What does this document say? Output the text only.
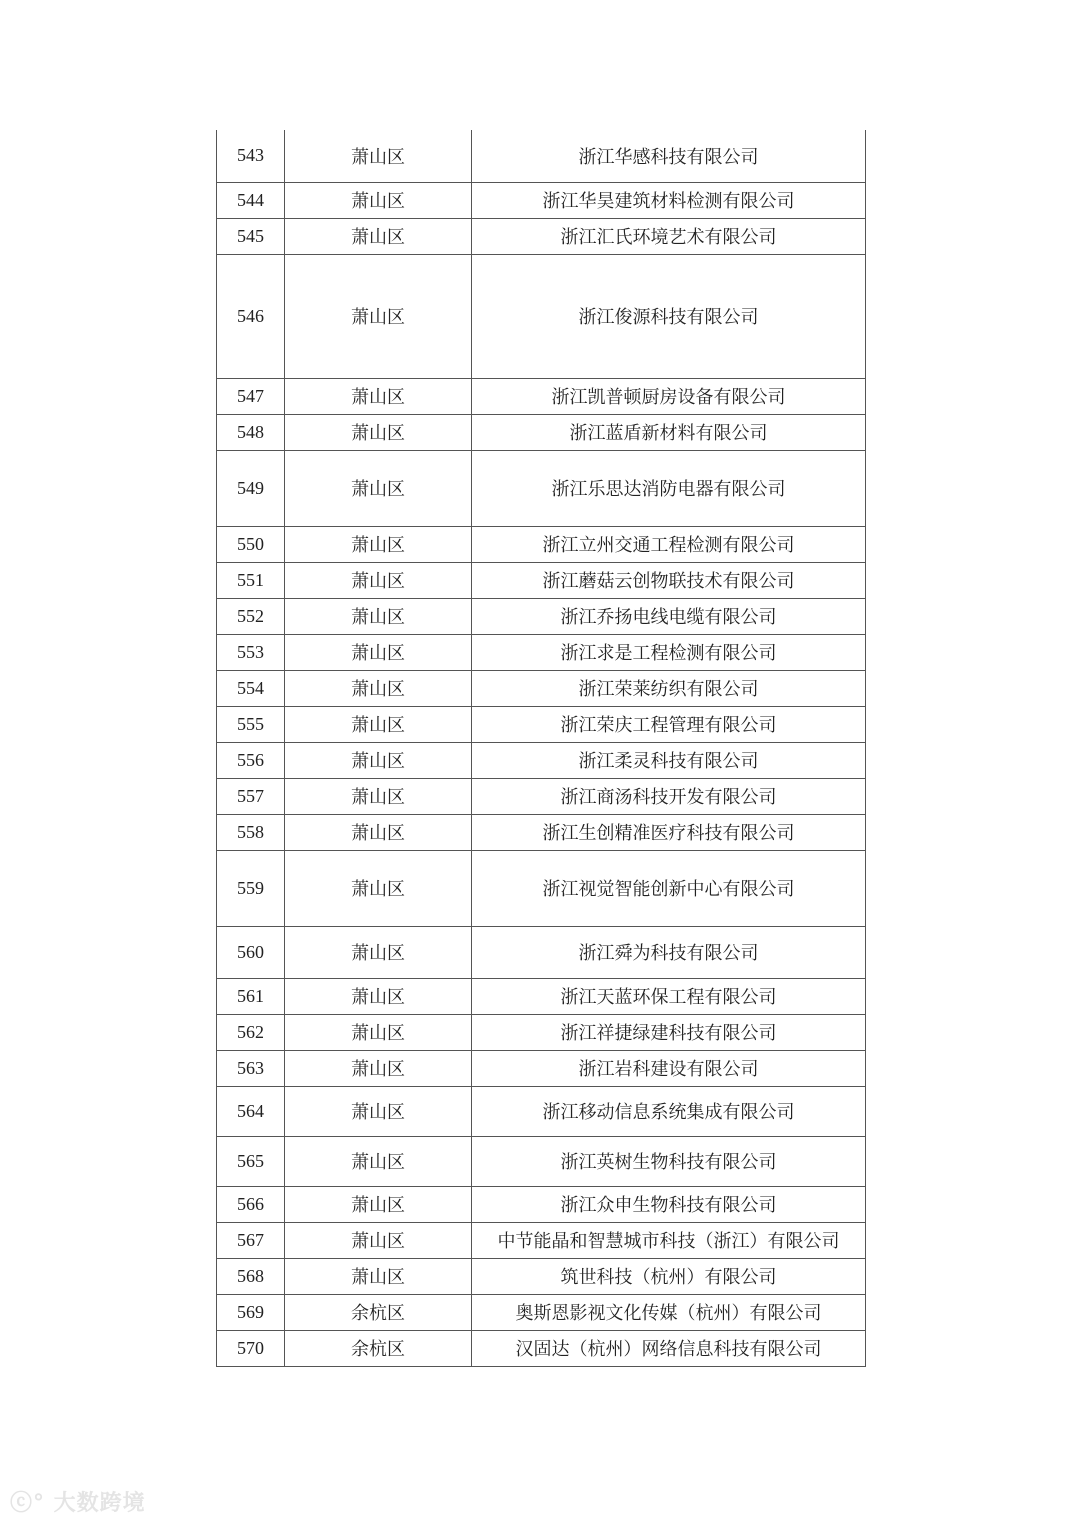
543	萧山区	浙江华感科技有限公司
544	萧山区	浙江华昊建筑材料检测有限公司
545	萧山区	浙江汇氏环境艺术有限公司
546	萧山区	浙江俊源科技有限公司
547	萧山区	浙江凯普顿厨房设备有限公司
548	萧山区	浙江蓝盾新材料有限公司
549	萧山区	浙江乐思达消防电器有限公司
550	萧山区	浙江立州交通工程检测有限公司
551	萧山区	浙江蘑菇云创物联技术有限公司
552	萧山区	浙江乔扬电线电缆有限公司
553	萧山区	浙江求是工程检测有限公司
554	萧山区	浙江荣莱纺织有限公司
555	萧山区	浙江荣庆工程管理有限公司
556	萧山区	浙江柔灵科技有限公司
557	萧山区	浙江商汤科技开发有限公司
558	萧山区	浙江生创精准医疗科技有限公司
559	萧山区	浙江视觉智能创新中心有限公司
560	萧山区	浙江舜为科技有限公司
561	萧山区	浙江天蓝环保工程有限公司
562	萧山区	浙江祥捷绿建科技有限公司
563	萧山区	浙江岩科建设有限公司
564	萧山区	浙江移动信息系统集成有限公司
565	萧山区	浙江英树生物科技有限公司
566	萧山区	浙江众申生物科技有限公司
567	萧山区	中节能晶和智慧城市科技（浙江）有限公司
568	萧山区	筑世科技（杭州）有限公司
569	余杭区	奥斯恩影视文化传媒（杭州）有限公司
570	余杭区	汉固达（杭州）网络信息科技有限公司
ⓒ° 大数跨境
